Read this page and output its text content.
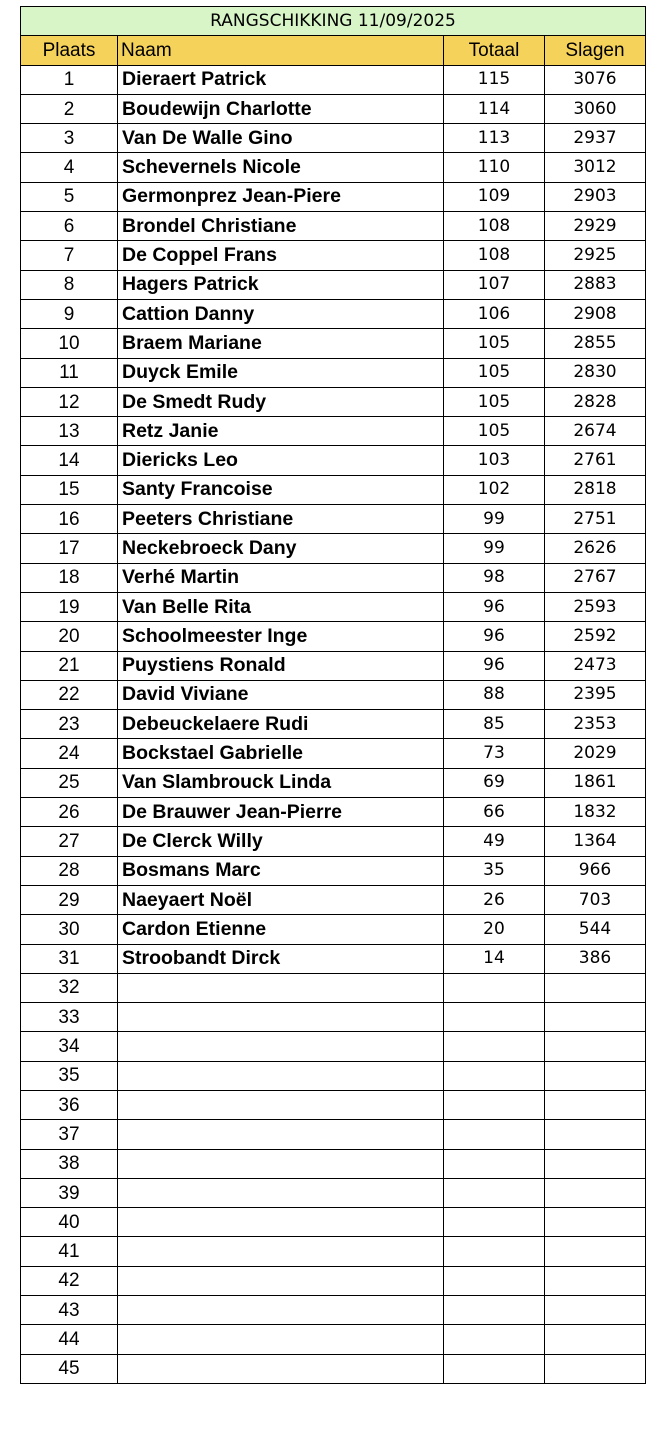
RANGSCHIKKING 11/09/2025			
Plaats	Naam	Totaal	Slagen
1	Dieraert Patrick	115	3076
2	Boudewijn Charlotte	114	3060
3	Van De Walle Gino	113	2937
4	Schevernels Nicole	110	3012
5	Germonprez Jean-Piere	109	2903
6	Brondel Christiane	108	2929
7	De Coppel Frans	108	2925
8	Hagers Patrick	107	2883
9	Cattion Danny	106	2908
10	Braem Mariane	105	2855
11	Duyck Emile	105	2830
12	De Smedt Rudy	105	2828
13	Retz Janie	105	2674
14	Diericks Leo	103	2761
15	Santy Francoise	102	2818
16	Peeters Christiane	99	2751
17	Neckebroeck Dany	99	2626
18	Verhé Martin	98	2767
19	Van Belle Rita	96	2593
20	Schoolmeester Inge	96	2592
21	Puystiens Ronald	96	2473
22	David Viviane	88	2395
23	Debeuckelaere Rudi	85	2353
24	Bockstael Gabrielle	73	2029
25	Van Slambrouck Linda	69	1861
26	De Brauwer Jean-Pierre	66	1832
27	De Clerck Willy	49	1364
28	Bosmans Marc	35	966
29	Naeyaert Noël	26	703
30	Cardon Etienne	20	544
31	Stroobandt Dirck	14	386
32			
33			
34			
35			
36			
37			
38			
39			
40			
41			
42			
43			
44			
45			
